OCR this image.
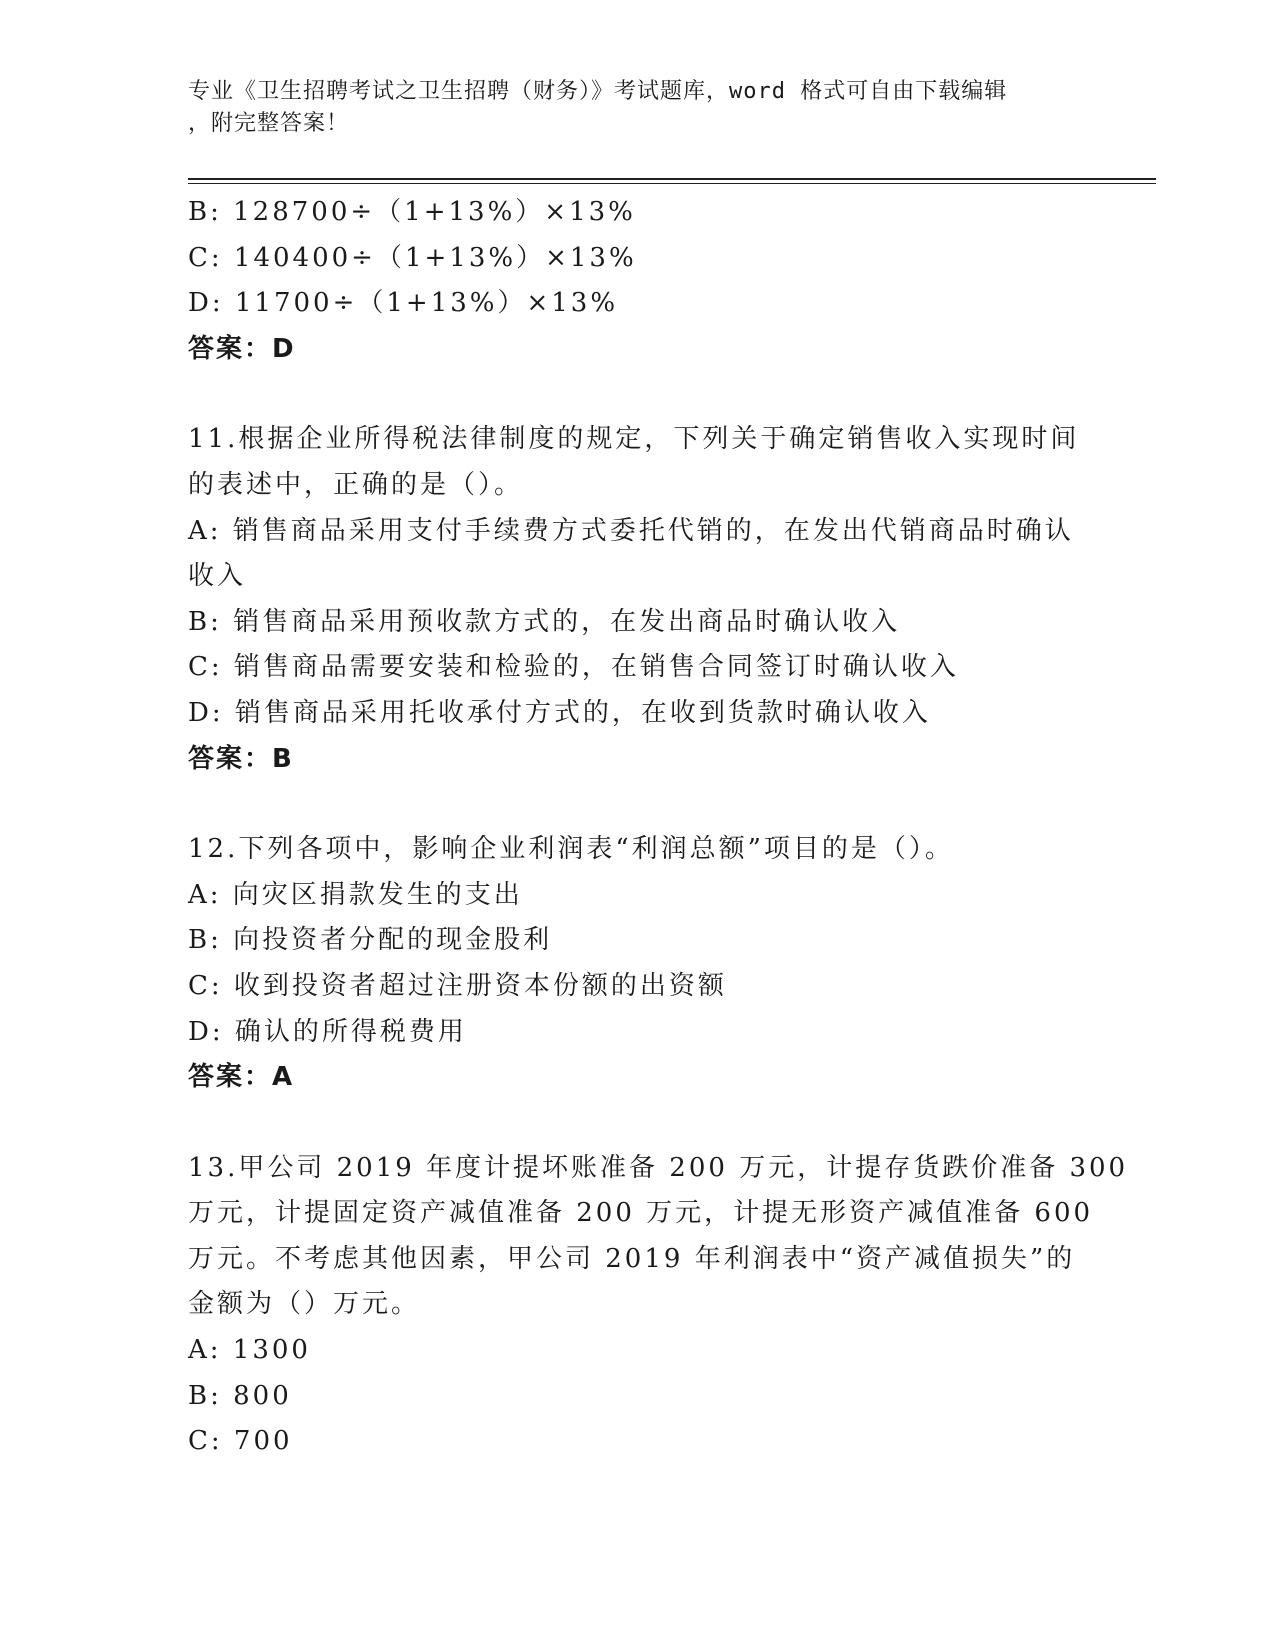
专业《卫生招聘考试之卫生招聘（财务）》考试题库，word 格式可自由下载编辑
，附完整答案！
B: 128700÷（1+13%）×13%
C: 140400÷（1+13%）×13%
D: 11700÷（1+13%）×13%
答案：D
11.根据企业所得税法律制度的规定，下列关于确定销售收入实现时间
的表述中，正确的是（）。
A: 销售商品采用支付手续费方式委托代销的，在发出代销商品时确认
收入
B: 销售商品采用预收款方式的，在发出商品时确认收入
C: 销售商品需要安装和检验的，在销售合同签订时确认收入
D: 销售商品采用托收承付方式的，在收到货款时确认收入
答案：B
12.下列各项中，影响企业利润表“利润总额”项目的是（）。
A: 向灾区捐款发生的支出
B: 向投资者分配的现金股利
C: 收到投资者超过注册资本份额的出资额
D: 确认的所得税费用
答案：A
13.甲公司 2019 年度计提坏账准备 200 万元，计提存货跌价准备 300
万元，计提固定资产减值准备 200 万元，计提无形资产减值准备 600
万元。不考虑其他因素，甲公司 2019 年利润表中“资产减值损失”的
金额为（）万元。
A: 1300
B: 800
C: 700
